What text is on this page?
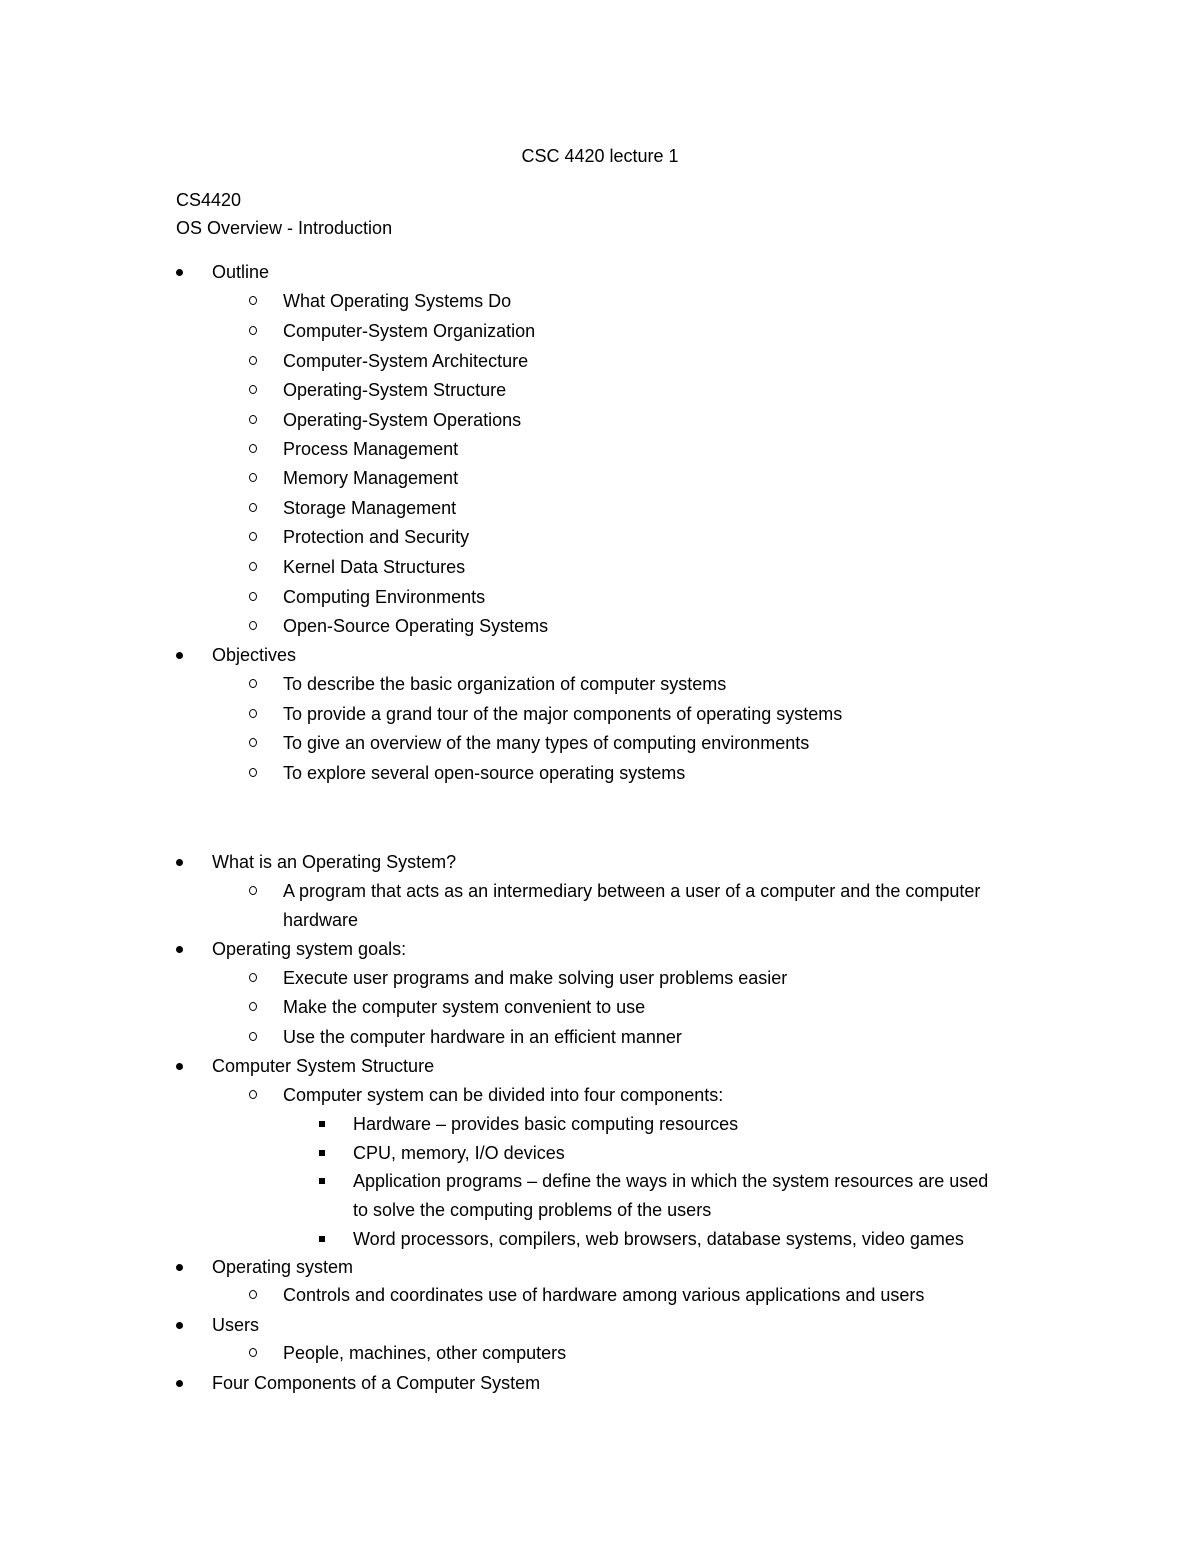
CSC 4420 lecture 1
CS4420
OS Overview - Introduction
Outline
What Operating Systems Do
Computer-System Organization
Computer-System Architecture
Operating-System Structure
Operating-System Operations
Process Management
Memory Management
Storage Management
Protection and Security
Kernel Data Structures
Computing Environments
Open-Source Operating Systems
Objectives
To describe the basic organization of computer systems
To provide a grand tour of the major components of operating systems
To give an overview of the many types of computing environments
To explore several open-source operating systems
What is an Operating System?
A program that acts as an intermediary between a user of a computer and the computer
hardware
Operating system goals:
Execute user programs and make solving user problems easier
Make the computer system convenient to use
Use the computer hardware in an efficient manner
Computer System Structure
Computer system can be divided into four components:
Hardware – provides basic computing resources
CPU, memory, I/O devices
Application programs – define the ways in which the system resources are used
to solve the computing problems of the users
Word processors, compilers, web browsers, database systems, video games
Operating system
Controls and coordinates use of hardware among various applications and users
Users
People, machines, other computers
Four Components of a Computer System
